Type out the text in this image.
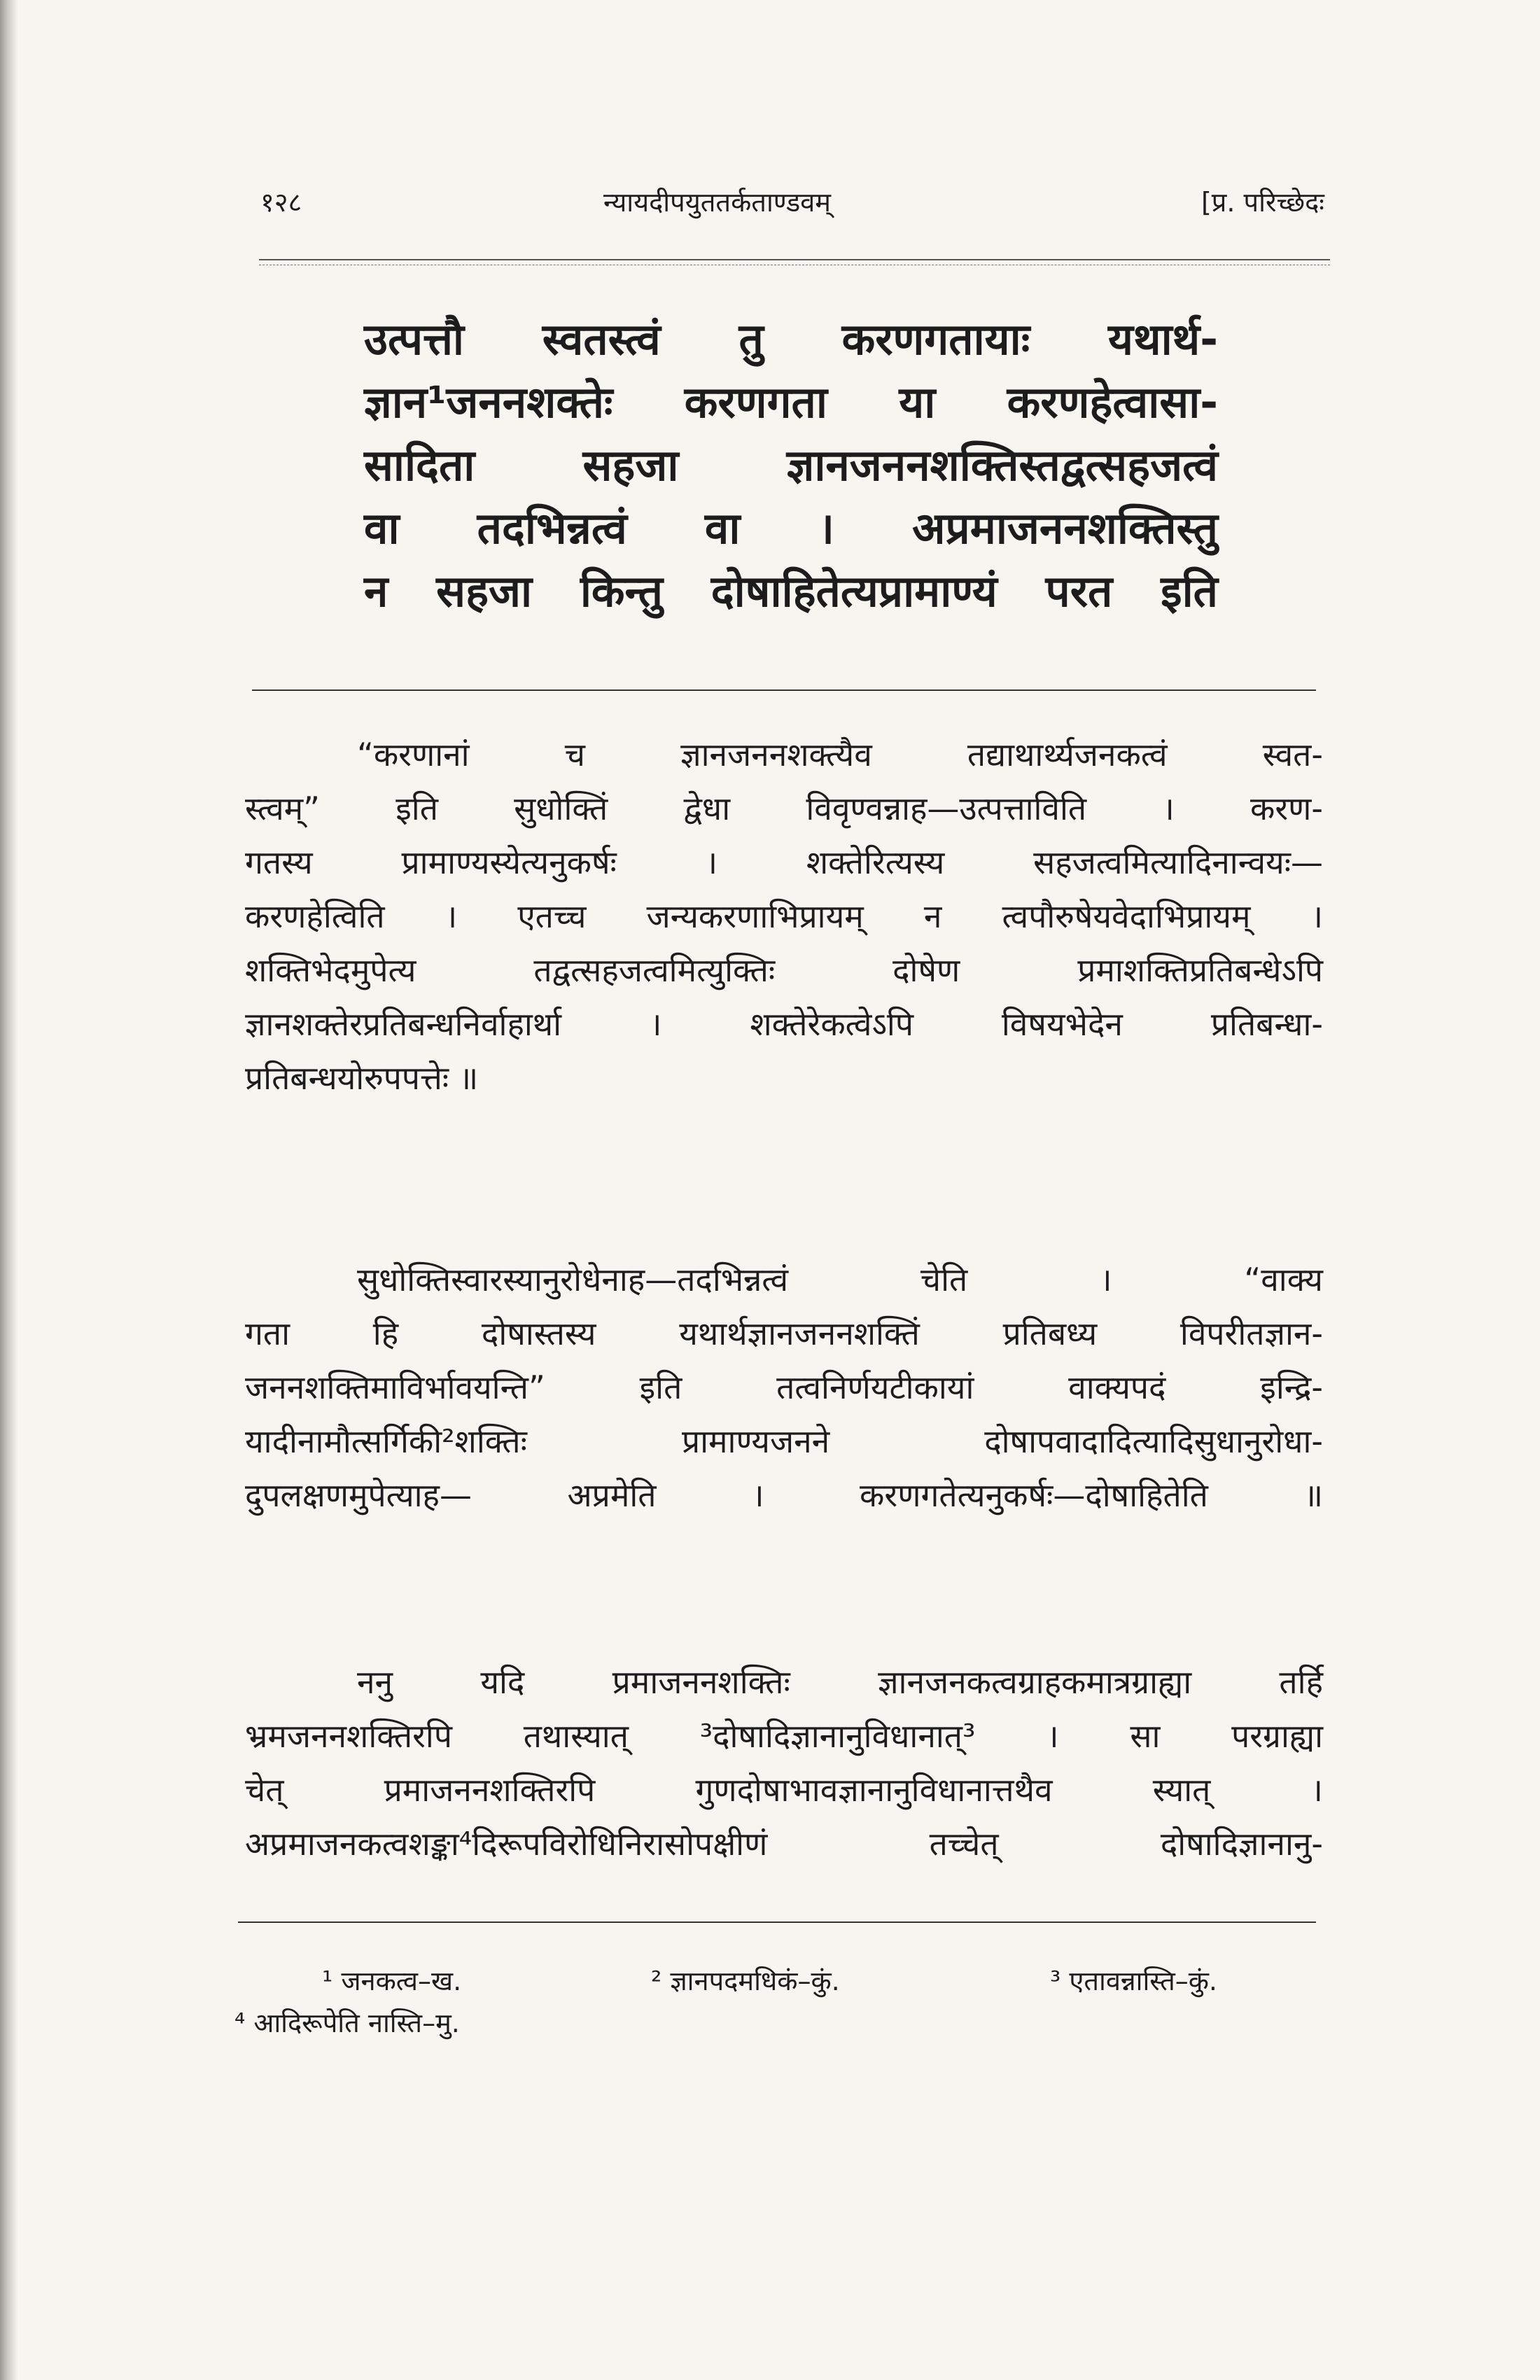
१२८	न्यायदीपयुततर्कताण्डवम्	[प्र. परिच्छेदः
उत्पत्तौ स्वतस्त्वं तु करणगतायाः यथार्थ-
ज्ञान¹जननशक्तेः करणगता या करणहेत्वासा-
सादिता सहजा ज्ञानजननशक्तिस्तद्वत्सहजत्वं
वा तदभिन्नत्वं वा । अप्रमाजननशक्तिस्तु
न सहजा किन्तु दोषाहितेत्यप्रामाण्यं परत इति
“करणानां च ज्ञानजननशक्त्यैव तद्याथार्थ्यजनकत्वं स्वत-
स्त्वम्” इति सुधोक्तिं द्वेधा विवृण्वन्नाह—उत्पत्ताविति । करण-
गतस्य प्रामाण्यस्येत्यनुकर्षः । शक्तेरित्यस्य सहजत्वमित्यादिनान्वयः—
करणहेत्विति । एतच्च जन्यकरणाभिप्रायम् न त्वपौरुषेयवेदाभिप्रायम् ।
शक्तिभेदमुपेत्य तद्वत्सहजत्वमित्युक्तिः दोषेण प्रमाशक्तिप्रतिबन्धेऽपि
ज्ञानशक्तेरप्रतिबन्धनिर्वाहार्था । शक्तेरेकत्वेऽपि विषयभेदेन प्रतिबन्धा-
प्रतिबन्धयोरुपपत्तेः ॥
सुधोक्तिस्वारस्यानुरोधेनाह—तदभिन्नत्वं चेति । “वाक्य
गता हि दोषास्तस्य यथार्थज्ञानजननशक्तिं प्रतिबध्य विपरीतज्ञान-
जननशक्तिमाविर्भावयन्ति” इति तत्वनिर्णयटीकायां वाक्यपदं इन्द्रि-
यादीनामौत्सर्गिकी²शक्तिः प्रामाण्यजनने दोषापवादादित्यादिसुधानुरोधा-
दुपलक्षणमुपेत्याह— अप्रमेति । करणगतेत्यनुकर्षः—दोषाहितेति ॥
ननु यदि प्रमाजननशक्तिः ज्ञानजनकत्वग्राहकमात्रग्राह्या तर्हि
भ्रमजननशक्तिरपि तथास्यात् ³दोषादिज्ञानानुविधानात्³ । सा परग्राह्या
चेत् प्रमाजननशक्तिरपि गुणदोषाभावज्ञानानुविधानात्तथैव स्यात् ।
अप्रमाजनकत्वशङ्का⁴दिरूपविरोधिनिरासोपक्षीणं तच्चेत् दोषादिज्ञानानु-
¹ जनकत्व–ख.	² ज्ञानपदमधिकं–कुं.	³ एतावन्नास्ति–कुं.
⁴ आदिरूपेति नास्ति–मु.
